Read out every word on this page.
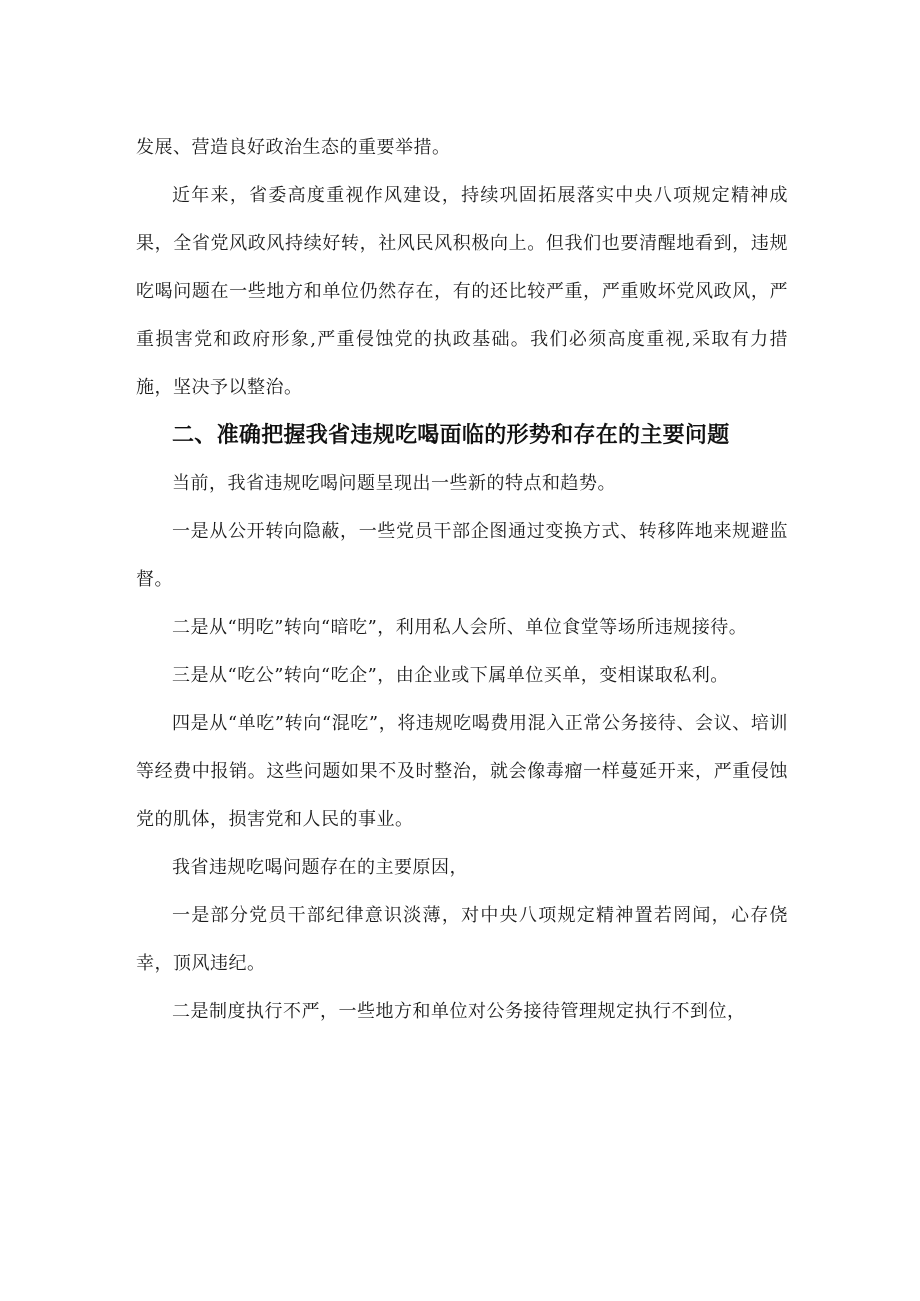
发展、营造良好政治生态的重要举措。

近年来，省委高度重视作风建设，持续巩固拓展落实中央八项规定精神成果，全省党风政风持续好转，社风民风积极向上。但我们也要清醒地看到，违规吃喝问题在一些地方和单位仍然存在，有的还比较严重，严重败坏党风政风，严重损害党和政府形象,严重侵蚀党的执政基础。我们必须高度重视,采取有力措施，坚决予以整治。

二、准确把握我省违规吃喝面临的形势和存在的主要问题

当前，我省违规吃喝问题呈现出一些新的特点和趋势。

一是从公开转向隐蔽，一些党员干部企图通过变换方式、转移阵地来规避监督。

二是从“明吃”转向“暗吃”，利用私人会所、单位食堂等场所违规接待。

三是从“吃公”转向“吃企”，由企业或下属单位买单，变相谋取私利。

四是从“单吃”转向“混吃”，将违规吃喝费用混入正常公务接待、会议、培训等经费中报销。这些问题如果不及时整治，就会像毒瘤一样蔓延开来，严重侵蚀党的肌体，损害党和人民的事业。

我省违规吃喝问题存在的主要原因，

一是部分党员干部纪律意识淡薄，对中央八项规定精神置若罔闻，心存侥幸，顶风违纪。

二是制度执行不严，一些地方和单位对公务接待管理规定执行不到位，
